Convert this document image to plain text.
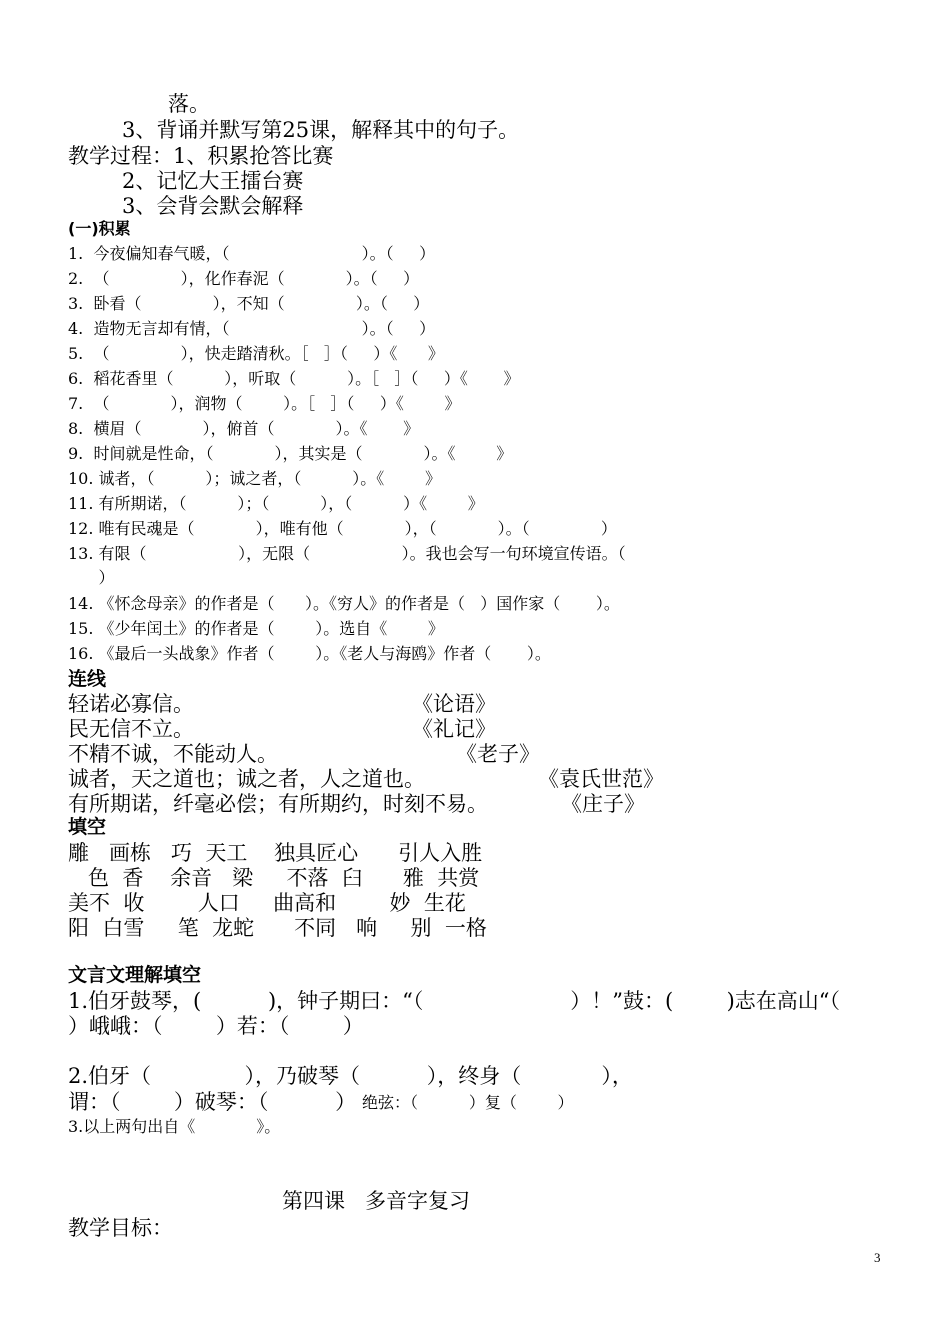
落。
3、背诵并默写第25课，解释其中的句子。
教学过程：1、积累抢答比赛
2、记忆大王擂台赛
3、会背会默会解释
(一)积累
1.  今夜偏知春气暖，（                          ）。（     ）
2.  （              ），化作春泥（            ）。（     ）
3.  卧看（              ），不知（              ）。（     ）
4.  造物无言却有情，（                          ）。（     ）
5.  （              ），快走踏清秋。［   ］（     ）《      》
6.  稻花香里（          ），听取（          ）。［   ］（     ）《       》
7.  （            ），润物（        ）。［   ］（     ）《        》
8.  横眉（            ），俯首（            ）。《       》
9.  时间就是性命，（            ），其实是（            ）。《        》
10. 诚者，（          ）；诚之者，（          ）。《        》
11. 有所期诺，（          ）；（          ），（          ）《        》
12. 唯有民魂是（            ），唯有他（            ），（            ）。（              ）
13. 有限（                  ），无限（                  ）。我也会写一句环境宣传语。（
）
14. 《怀念母亲》的作者是（      ）。《穷人》的作者是（   ）国作家（       ）。
15. 《少年闰土》的作者是（        ）。选自《        》
16. 《最后一头战象》作者（        ）。《老人与海鸥》作者（       ）。
连线
轻诺必寡信。	《论语》
民无信不立。	《礼记》
不精不诚，不能动人。	《老子》
诚者，天之道也；诚之者，人之道也。	《袁氏世范》
有所期诺，纤毫必偿；有所期约，时刻不易。	《庄子》
填空
雕   画栋   巧  天工    独具匠心      引人入胜
色  香    余音   梁     不落  臼      雅  共赏
美不  收        人口     曲高和        妙  生花
阳  白雪     笔  龙蛇      不同   响     别  一格
文言文理解填空
1.伯牙鼓琴，(          )，钟子期曰：“（                      ）！”鼓：(        )志在高山“（
）峨峨：（        ）若：（        ）
2.伯牙（              ），乃破琴（          ），终身（            ），
谓：（        ）破琴：（          ） 绝弦：（          ）复（        ）
3.以上两句出自《            》。
第四课   多音字复习
教学目标：
3
